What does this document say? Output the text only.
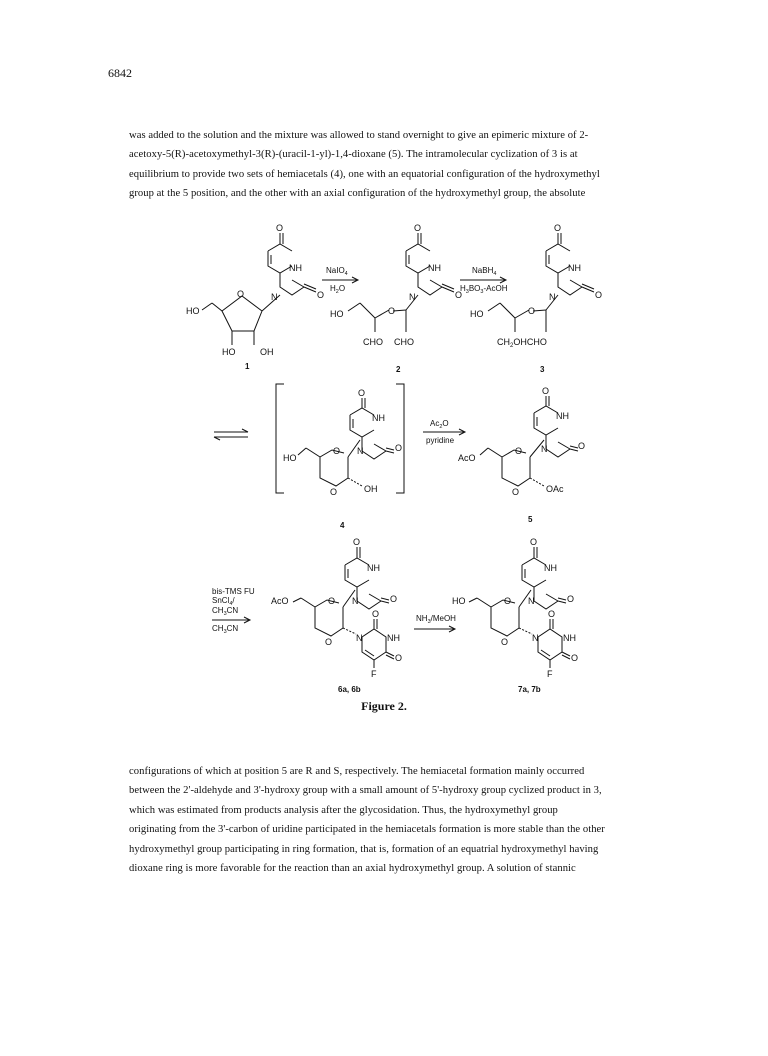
6842
was added to the solution and the mixture was allowed to stand overnight to give an epimeric mixture of 2-
acetoxy-5(R)-acetoxymethyl-3(R)-(uracil-1-yl)-1,4-dioxane (5). The intramolecular cyclization of 3 is at
equilibrium to provide two sets of hemiacetals (4), one with an equatorial configuration of the hydroxymethyl
group at the 5 position, and the other with an axial configuration of the hydroxymethyl group, the absolute
O
NH
O
N
O
HO
HO	OH
O
NH
O
N
O
HO
CHO CHO
O
NH
O
N
O
HO
$CH_2OHCHO$
NaIO$_4$
$H_2O$
NaBH$_4$
$H_3BO_3$-AcOH
1	2	3
O
NH
O
N
O
HO
O	OH
4
$Ac_2O$
pyridine
O
NH
O
N
O
AcO
O	OAc
5
bis-TMS FU
SnCl$_4$/
$CH_3CN$
$CH_3CN$
O
NH
O
N
O
AcO
O	N
O
NH
O
F
6a, 6b
$NH_3$/MeOH
O
NH
O
N
O
HO
O	N
O
NH
O
F
7a, 7b
Figure 2.
configurations of which at position 5 are R and S, respectively. The hemiacetal formation mainly occurred
between the 2'-aldehyde and 3'-hydroxy group with a small amount of 5'-hydroxy group cyclized product in 3,
which was estimated from products analysis after the glycosidation. Thus, the hydroxymethyl group
originating from the 3'-carbon of uridine participated in the hemiacetals formation is more stable than the other
hydroxymethyl group participating in ring formation, that is, formation of an equatrial hydroxymethyl having
dioxane ring is more favorable for the reaction than an axial hydroxymethyl group. A solution of stannic
